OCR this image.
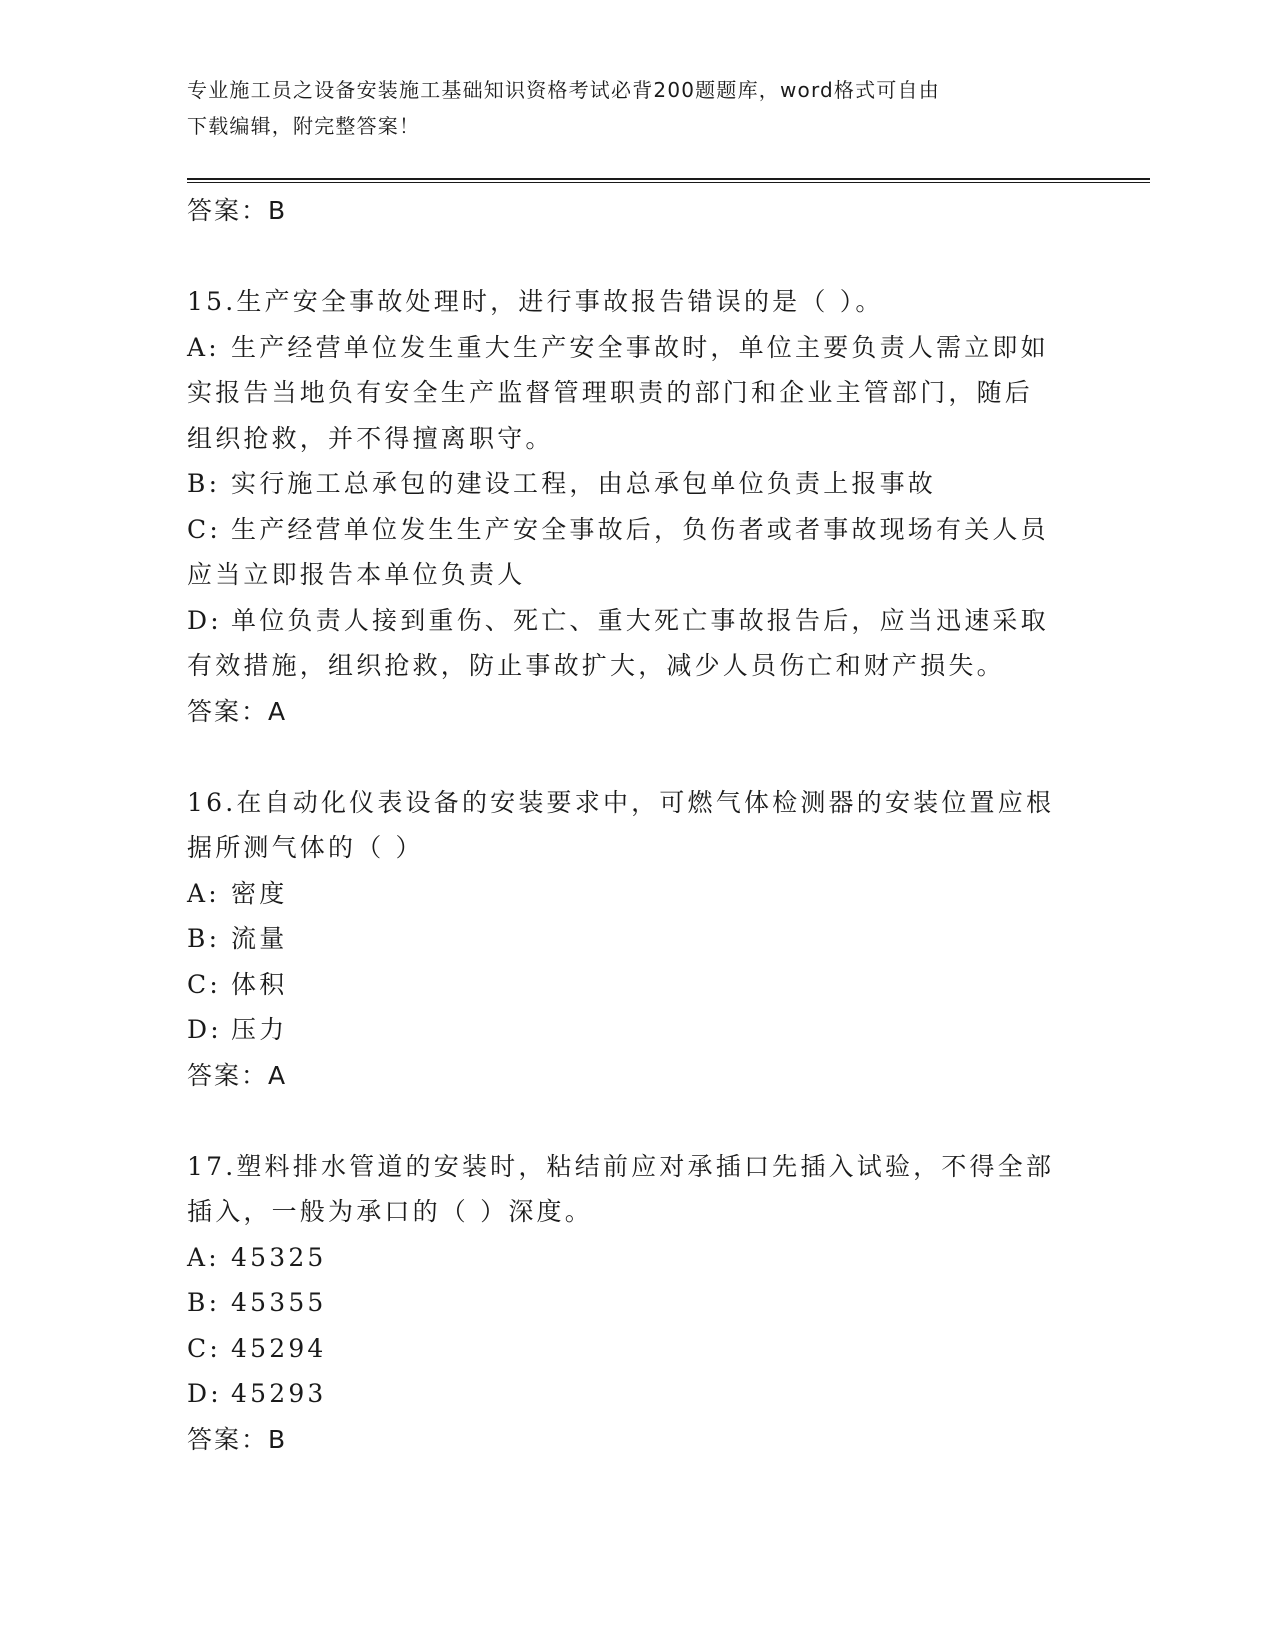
专业施工员之设备安装施工基础知识资格考试必背200题题库，word格式可自由
下载编辑，附完整答案！
答案：B
15.生产安全事故处理时，进行事故报告错误的是（ ）。
A: 生产经营单位发生重大生产安全事故时，单位主要负责人需立即如
实报告当地负有安全生产监督管理职责的部门和企业主管部门，随后
组织抢救，并不得擅离职守。
B: 实行施工总承包的建设工程，由总承包单位负责上报事故
C: 生产经营单位发生生产安全事故后，负伤者或者事故现场有关人员
应当立即报告本单位负责人
D: 单位负责人接到重伤、死亡、重大死亡事故报告后，应当迅速采取
有效措施，组织抢救，防止事故扩大，减少人员伤亡和财产损失。
答案：A
16.在自动化仪表设备的安装要求中，可燃气体检测器的安装位置应根
据所测气体的（ ）
A: 密度
B: 流量
C: 体积
D: 压力
答案：A
17.塑料排水管道的安装时，粘结前应对承插口先插入试验，不得全部
插入，一般为承口的（ ）深度。
A: 45325
B: 45355
C: 45294
D: 45293
答案：B
